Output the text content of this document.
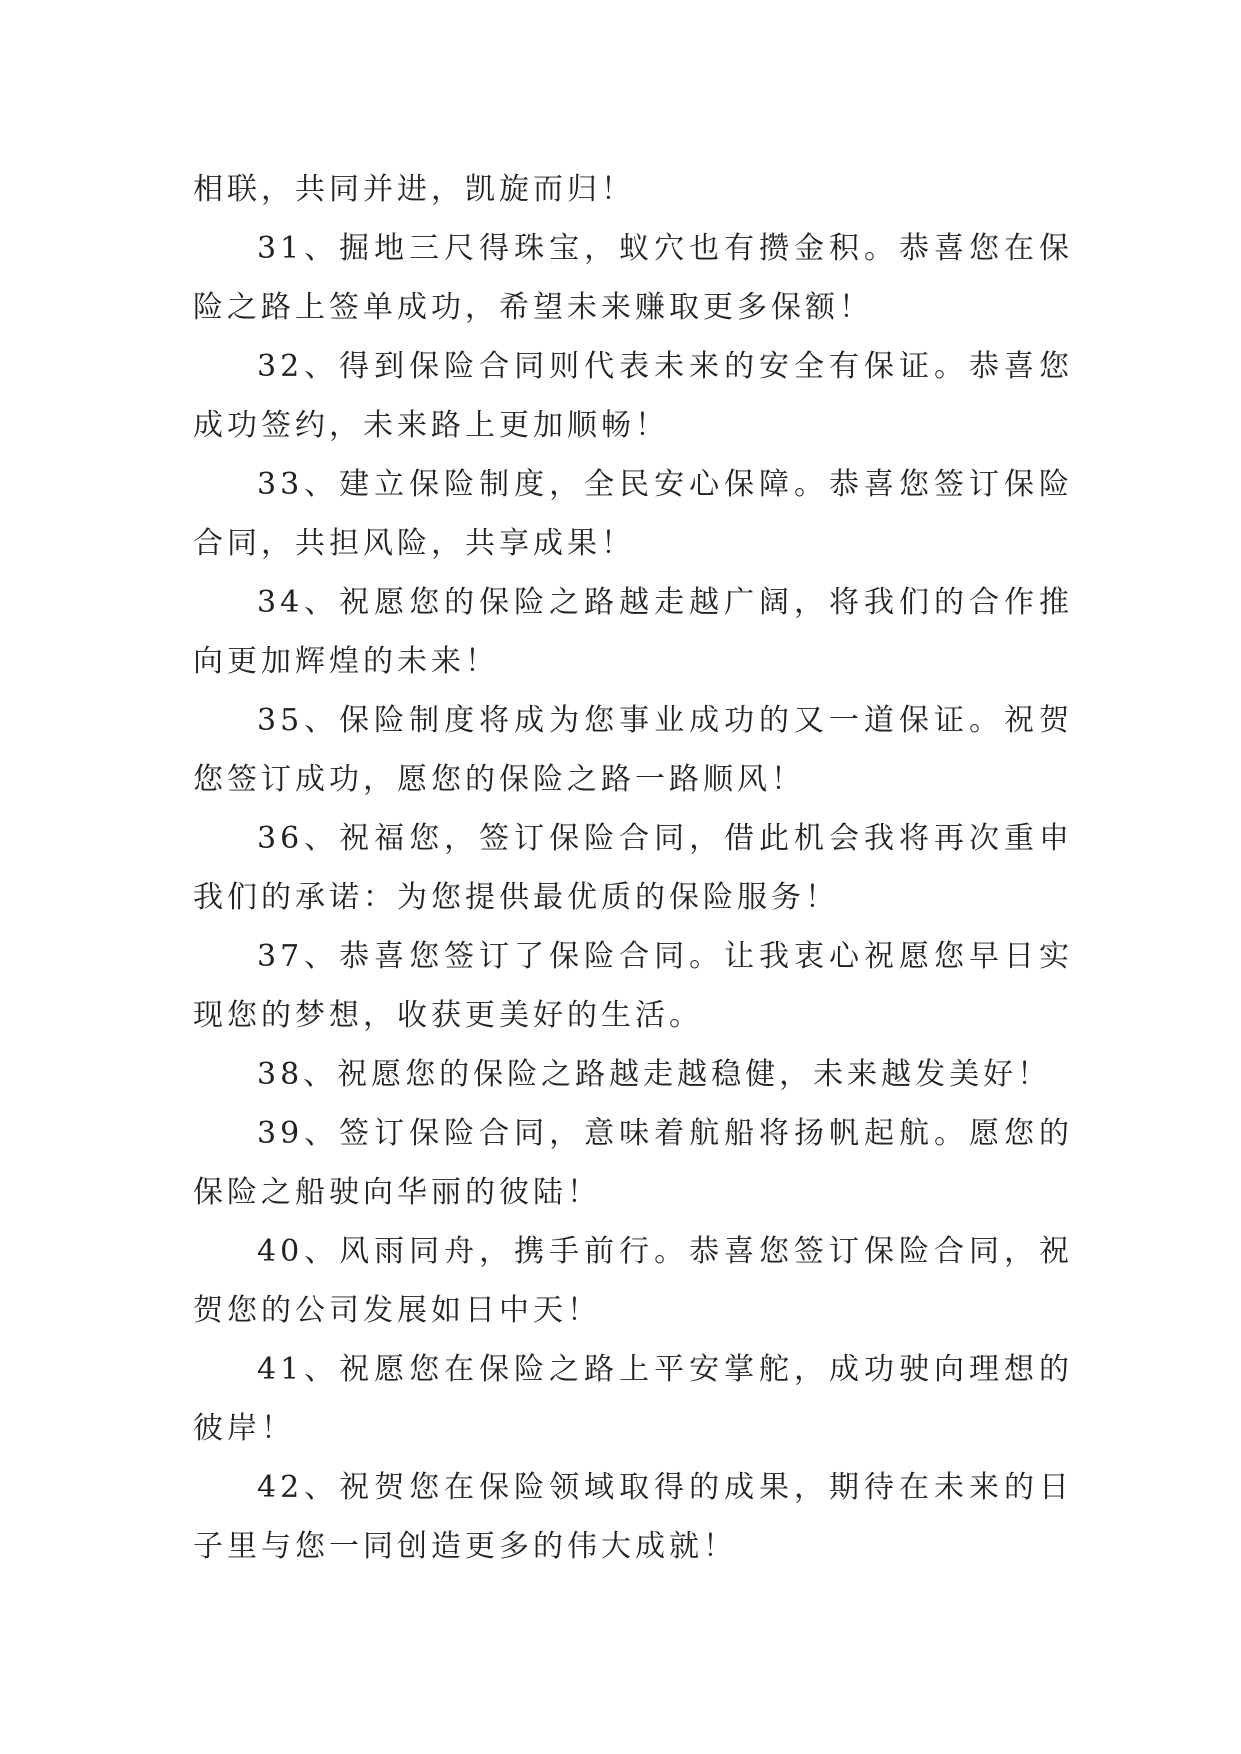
相联，共同并进，凯旋而归！

31、掘地三尺得珠宝，蚁穴也有攒金积。恭喜您在保险之路上签单成功，希望未来赚取更多保额！

32、得到保险合同则代表未来的安全有保证。恭喜您成功签约，未来路上更加顺畅！

33、建立保险制度，全民安心保障。恭喜您签订保险合同，共担风险，共享成果！

34、祝愿您的保险之路越走越广阔，将我们的合作推向更加辉煌的未来！

35、保险制度将成为您事业成功的又一道保证。祝贺您签订成功，愿您的保险之路一路顺风！

36、祝福您，签订保险合同，借此机会我将再次重申我们的承诺：为您提供最优质的保险服务！

37、恭喜您签订了保险合同。让我衷心祝愿您早日实现您的梦想，收获更美好的生活。

38、祝愿您的保险之路越走越稳健，未来越发美好！

39、签订保险合同，意味着航船将扬帆起航。愿您的保险之船驶向华丽的彼陆！

40、风雨同舟，携手前行。恭喜您签订保险合同，祝贺您的公司发展如日中天！

41、祝愿您在保险之路上平安掌舵，成功驶向理想的彼岸！

42、祝贺您在保险领域取得的成果，期待在未来的日子里与您一同创造更多的伟大成就！
